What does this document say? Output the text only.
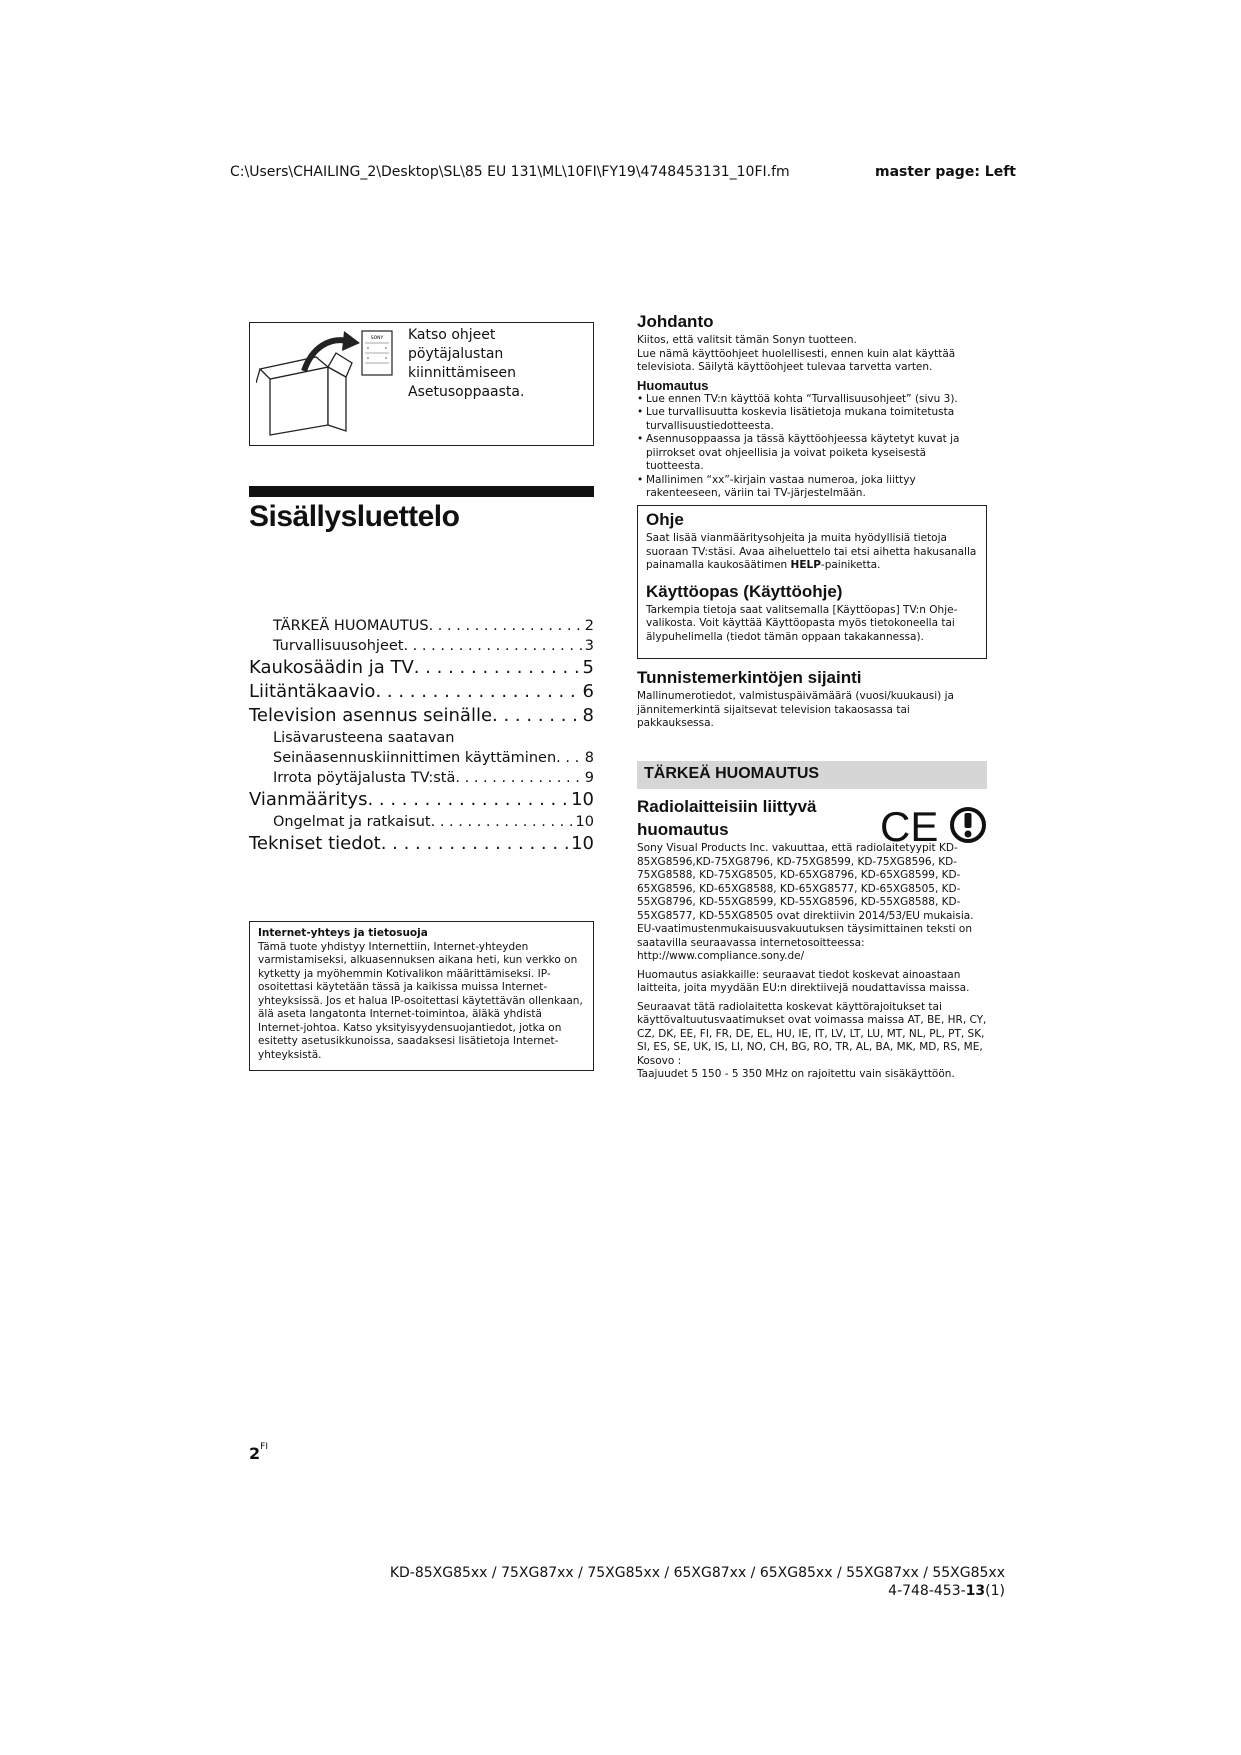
C:\Users\CHAILING_2\Desktop\SL\85 EU 131\ML\10FI\FY19\4748453131_10FI.fm	master page: Left
SONY Katso ohjeet pöytäjalustan kiinnittämiseen Asetusoppaasta.
Sisällysluettelo
TÄRKEÄ HUOMAUTUS . . .	2
Turvallisuusohjeet . . .	3
Kaukosäädin ja TV . . .	5
Liitäntäkaavio . . .	6
Television asennus seinälle . . .	8
Lisävarusteena saatavan
Seinäasennuskiinnittimen käyttäminen . . . 8
Irrota pöytäjalusta TV:stä . . .	9
Vianmääritys . . .	10
Ongelmat ja ratkaisut . . .	10
Tekniset tiedot . . .	10
Internet-yhteys ja tietosuoja
Tämä tuote yhdistyy Internettiin, Internet-yhteyden varmistamiseksi, alkuasennuksen aikana heti, kun verkko on kytketty ja myöhemmin Kotivalikon määrittämiseksi. IP-osoitettasi käytetään tässä ja kaikissa muissa Internet-yhteyksissä. Jos et halua IP-osoitettasi käytettävän ollenkaan, älä aseta langatonta Internet-toimintoa, äläkä yhdistä Internet-johtoa. Katso yksityisyydensuojantiedot, jotka on esitetty asetusikkunoissa, saadaksesi lisätietoja Internet-yhteyksistä.
Johdanto
Kiitos, että valitsit tämän Sonyn tuotteen.
Lue nämä käyttöohjeet huolellisesti, ennen kuin alat käyttää televisiota. Säilytä käyttöohjeet tulevaa tarvetta varten.
Huomautus
• Lue ennen TV:n käyttöä kohta “Turvallisuusohjeet” (sivu 3).
• Lue turvallisuutta koskevia lisätietoja mukana toimitetusta turvallisuustiedotteesta.
• Asennusoppaassa ja tässä käyttöohjeessa käytetyt kuvat ja piirrokset ovat ohjeellisia ja voivat poiketa kyseisestä tuotteesta.
• Mallinimen “xx”-kirjain vastaa numeroa, joka liittyy rakenteeseen, väriin tai TV-järjestelmään.
Ohje
Saat lisää vianmääritysohjeita ja muita hyödyllisiä tietoja suoraan TV:stäsi. Avaa aiheluettelo tai etsi aihetta hakusanalla painamalla kaukosäätimen HELP-painiketta.
Käyttöopas (Käyttöohje)
Tarkempia tietoja saat valitsemalla [Käyttöopas] TV:n Ohje-valikosta. Voit käyttää Käyttöopasta myös tietokoneella tai älypuhelimella (tiedot tämän oppaan takakannessa).
Tunnistemerkintöjen sijainti
Mallinumerotiedot, valmistuspäivämäärä (vuosi/kuukausi) ja jännitemerkintä sijaitsevat television takaosassa tai pakkauksessa.
TÄRKEÄ HUOMAUTUS
Radiolaitteisiin liittyvä
huomautus
Sony Visual Products Inc. vakuuttaa, että radiolaitetyypit KD-85XG8596,KD-75XG8796, KD-75XG8599, KD-75XG8596, KD-75XG8588, KD-75XG8505, KD-65XG8796, KD-65XG8599, KD-65XG8596, KD-65XG8588, KD-65XG8577, KD-65XG8505, KD-55XG8796, KD-55XG8599, KD-55XG8596, KD-55XG8588, KD-55XG8577, KD-55XG8505 ovat direktiivin 2014/53/EU mukaisia. EU-vaatimustenmukaisuusvakuutuksen täysimittainen teksti on saatavilla seuraavassa internetosoitteessa: http://www.compliance.sony.de/
Huomautus asiakkaille: seuraavat tiedot koskevat ainoastaan laitteita, joita myydään EU:n direktiivejä noudattavissa maissa.
Seuraavat tätä radiolaitetta koskevat käyttörajoitukset tai käyttövaltuutusvaatimukset ovat voimassa maissa AT, BE, HR, CY, CZ, DK, EE, FI, FR, DE, EL, HU, IE, IT, LV, LT, LU, MT, NL, PL, PT, SK, SI, ES, SE, UK, IS, LI, NO, CH, BG, RO, TR, AL, BA, MK, MD, RS, ME, Kosovo :
Taajuudet 5 150 - 5 350 MHz on rajoitettu vain sisäkäyttöön.
CE
$2^{FI}$
KD-85XG85xx / 75XG87xx / 75XG85xx / 65XG87xx / 65XG85xx / 55XG87xx / 55XG85xx
4-748-453-13(1)
